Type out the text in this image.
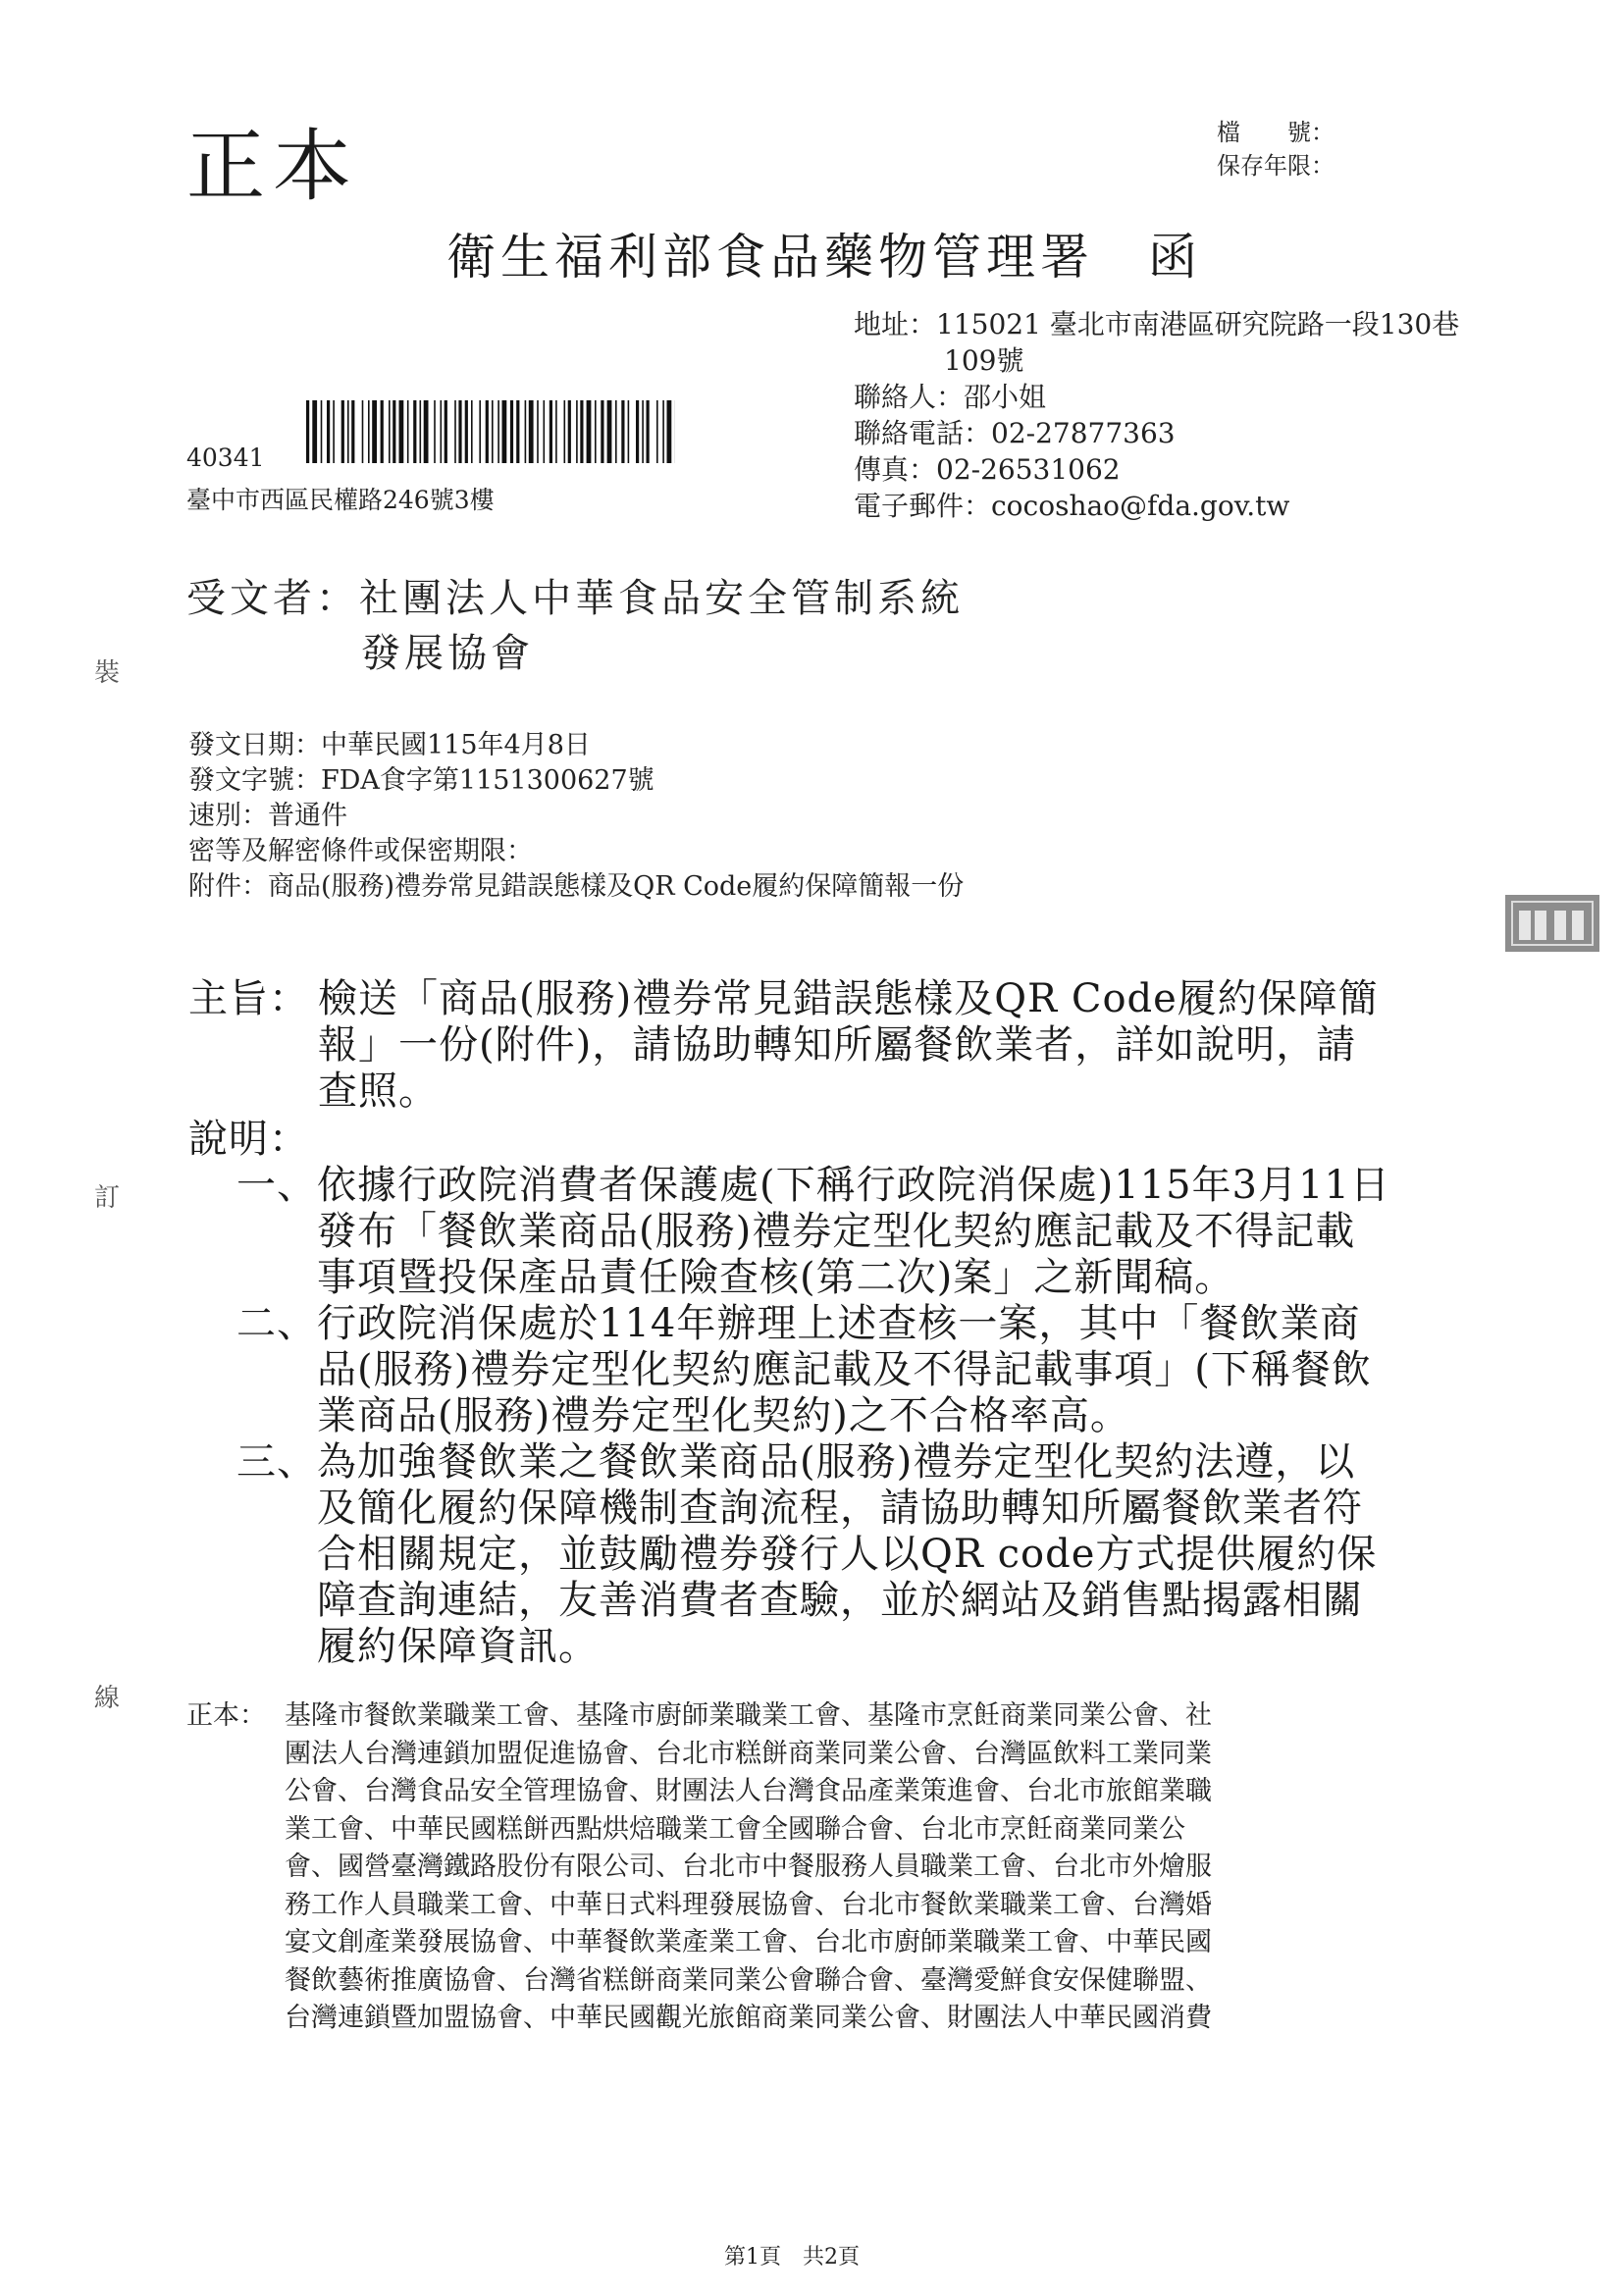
正本	檔　　號：
保存年限：
衛生福利部食品藥物管理署　函
地址：115021 臺北市南港區研究院路一段130巷
109號
聯絡人：邵小姐
聯絡電話：02-27877363
傳真：02-26531062
電子郵件：cocoshao@fda.gov.tw
40341
臺中市西區民權路246號3樓
受文者：社團法人中華食品安全管制系統
發展協會
發文日期：中華民國115年4月8日
發文字號：FDA食字第1151300627號
速別：普通件
密等及解密條件或保密期限：
附件：商品(服務)禮券常見錯誤態樣及QR Code履約保障簡報一份
主旨： 檢送「商品(服務)禮券常見錯誤態樣及QR Code履約保障簡
報」一份(附件)，請協助轉知所屬餐飲業者，詳如說明，請
查照。
說明：
一、 依據行政院消費者保護處(下稱行政院消保處)115年3月11日
發布「餐飲業商品(服務)禮券定型化契約應記載及不得記載
事項暨投保產品責任險查核(第二次)案」之新聞稿。
二、 行政院消保處於114年辦理上述查核一案，其中「餐飲業商
品(服務)禮券定型化契約應記載及不得記載事項」(下稱餐飲
業商品(服務)禮券定型化契約)之不合格率高。
三、 為加強餐飲業之餐飲業商品(服務)禮券定型化契約法遵，以
及簡化履約保障機制查詢流程，請協助轉知所屬餐飲業者符
合相關規定，並鼓勵禮券發行人以QR code方式提供履約保
障查詢連結，友善消費者查驗，並於網站及銷售點揭露相關
履約保障資訊。
正本： 基隆市餐飲業職業工會、基隆市廚師業職業工會、基隆市烹飪商業同業公會、社
團法人台灣連鎖加盟促進協會、台北市糕餅商業同業公會、台灣區飲料工業同業
公會、台灣食品安全管理協會、財團法人台灣食品產業策進會、台北市旅館業職
業工會、中華民國糕餅西點烘焙職業工會全國聯合會、台北市烹飪商業同業公
會、國營臺灣鐵路股份有限公司、台北市中餐服務人員職業工會、台北市外燴服
務工作人員職業工會、中華日式料理發展協會、台北市餐飲業職業工會、台灣婚
宴文創產業發展協會、中華餐飲業產業工會、台北市廚師業職業工會、中華民國
餐飲藝術推廣協會、台灣省糕餅商業同業公會聯合會、臺灣愛鮮食安保健聯盟、
台灣連鎖暨加盟協會、中華民國觀光旅館商業同業公會、財團法人中華民國消費
裝
訂
線
第1頁　共2頁
